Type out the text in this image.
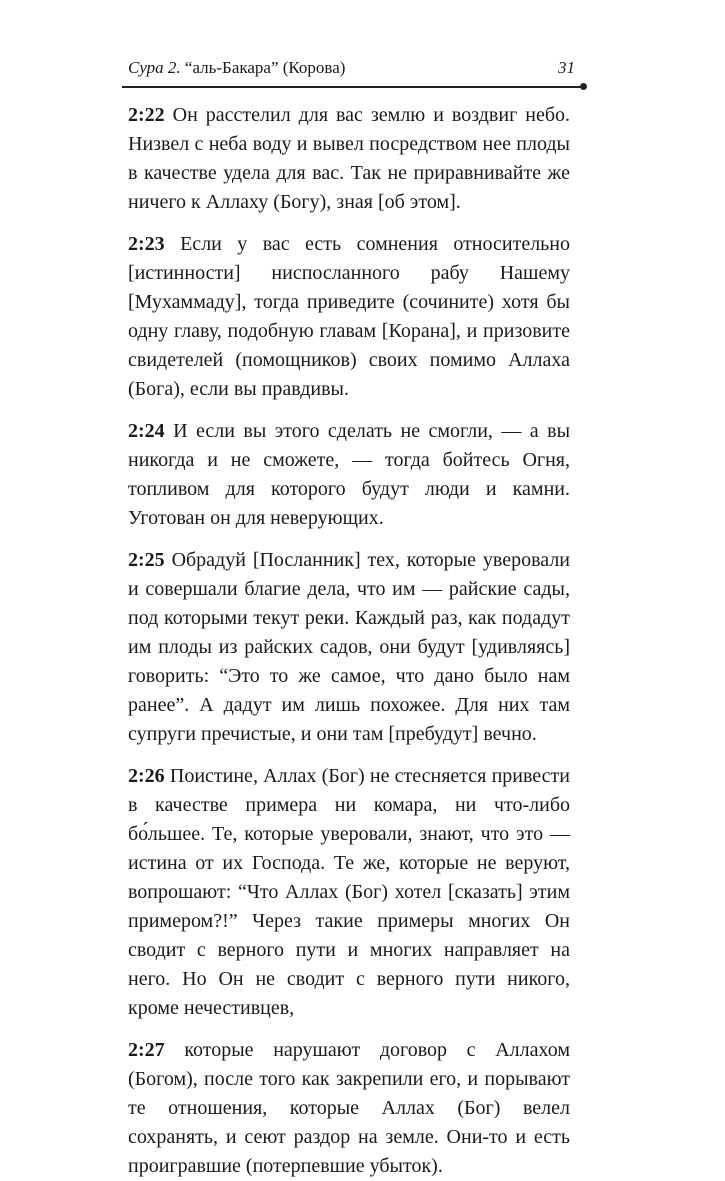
Сура 2. “аль-Бакара” (Корова)	31

2:22 Он расстелил для вас землю и воздвиг небо. Низвел с неба воду и вывел посредством нее плоды в качестве удела для вас. Так не приравнивайте же ничего к Аллаху (Богу), зная [об этом].

2:23 Если у вас есть сомнения относительно [истинности] ниспосланного рабу Нашему [Мухаммаду], тогда приведите (сочините) хотя бы одну главу, подобную главам [Корана], и призовите свидетелей (помощников) своих помимо Аллаха (Бога), если вы правдивы.

2:24 И если вы этого сделать не смогли, — а вы никогда и не сможете, — тогда бойтесь Огня, топливом для которого будут люди и камни. Уготован он для неверующих.

2:25 Обрадуй [Посланник] тех, которые уверовали и совершали благие дела, что им — райские сады, под которыми текут реки. Каждый раз, как подадут им плоды из райских садов, они будут [удивляясь] говорить: “Это то же самое, что дано было нам ранее”. А дадут им лишь похожее. Для них там супруги пречистые, и они там [пребудут] вечно.

2:26 Поистине, Аллах (Бог) не стесняется привести в качестве примера ни комара, ни что-либо бо́льшее. Те, которые уверовали, знают, что это — истина от их Господа. Те же, которые не веруют, вопрошают: “Что Аллах (Бог) хотел [сказать] этим примером?!” Через такие примеры многих Он сводит с верного пути и многих направляет на него. Но Он не сводит с верного пути никого, кроме нечестивцев,

2:27 которые нарушают договор с Аллахом (Богом), после того как закрепили его, и порывают те отношения, которые Аллах (Бог) велел сохранять, и сеют раздор на земле. Они-то и есть проигравшие (потерпевшие убыток).
